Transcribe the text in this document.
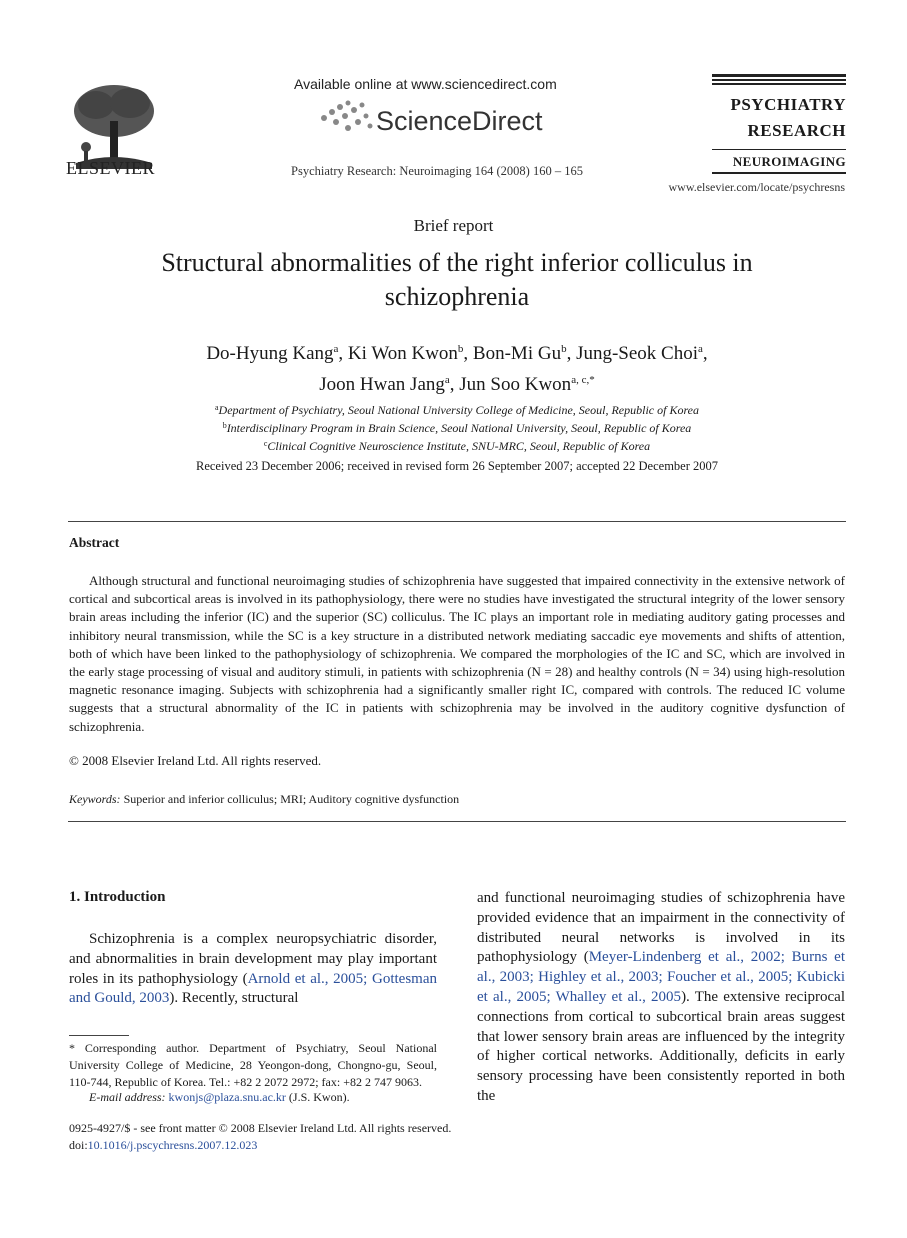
ELSEVIER
Available online at www.sciencedirect.com
ScienceDirect
Psychiatry Research: Neuroimaging 164 (2008) 160 – 165
PSYCHIATRY
RESEARCH
NEUROIMAGING
www.elsevier.com/locate/psychresns
Brief report
Structural abnormalities of the right inferior colliculus in schizophrenia
Do-Hyung Kang$^a$, Ki Won Kwon$^b$, Bon-Mi Gu$^b$, Jung-Seok Choi$^a$,
Joon Hwan Jang$^a$, Jun Soo Kwon$^{a, c,*}$
$^a$Department of Psychiatry, Seoul National University College of Medicine, Seoul, Republic of Korea
$^b$Interdisciplinary Program in Brain Science, Seoul National University, Seoul, Republic of Korea
$^c$Clinical Cognitive Neuroscience Institute, SNU-MRC, Seoul, Republic of Korea
Received 23 December 2006; received in revised form 26 September 2007; accepted 22 December 2007
Abstract
Although structural and functional neuroimaging studies of schizophrenia have suggested that impaired connectivity in the extensive network of cortical and subcortical areas is involved in its pathophysiology, there were no studies have investigated the structural integrity of the lower sensory brain areas including the inferior (IC) and the superior (SC) colliculus. The IC plays an important role in mediating auditory gating processes and inhibitory neural transmission, while the SC is a key structure in a distributed network mediating saccadic eye movements and shifts of attention, both of which have been linked to the pathophysiology of schizophrenia. We compared the morphologies of the IC and SC, which are involved in the early stage processing of visual and auditory stimuli, in patients with schizophrenia (N = 28) and healthy controls (N = 34) using high-resolution magnetic resonance imaging. Subjects with schizophrenia had a significantly smaller right IC, compared with controls. The reduced IC volume suggests that a structural abnormality of the IC in patients with schizophrenia may be involved in the auditory cognitive dysfunction of schizophrenia.
© 2008 Elsevier Ireland Ltd. All rights reserved.
Keywords: Superior and inferior colliculus; MRI; Auditory cognitive dysfunction
1. Introduction
Schizophrenia is a complex neuropsychiatric disorder, and abnormalities in brain development may play important roles in its pathophysiology (Arnold et al., 2005; Gottesman and Gould, 2003). Recently, structural
and functional neuroimaging studies of schizophrenia have provided evidence that an impairment in the connectivity of distributed neural networks is involved in its pathophysiology (Meyer-Lindenberg et al., 2002; Burns et al., 2003; Highley et al., 2003; Foucher et al., 2005; Kubicki et al., 2005; Whalley et al., 2005). The extensive reciprocal connections from cortical to subcortical brain areas suggest that lower sensory brain areas are influenced by the integrity of higher cortical networks. Additionally, deficits in early sensory processing have been consistently reported in both the
* Corresponding author. Department of Psychiatry, Seoul National University College of Medicine, 28 Yeongon-dong, Chongno-gu, Seoul, 110-744, Republic of Korea. Tel.: +82 2 2072 2972; fax: +82 2 747 9063.
E-mail address: kwonjs@plaza.snu.ac.kr (J.S. Kwon).
0925-4927/$ - see front matter © 2008 Elsevier Ireland Ltd. All rights reserved.
doi:10.1016/j.pscychresns.2007.12.023
